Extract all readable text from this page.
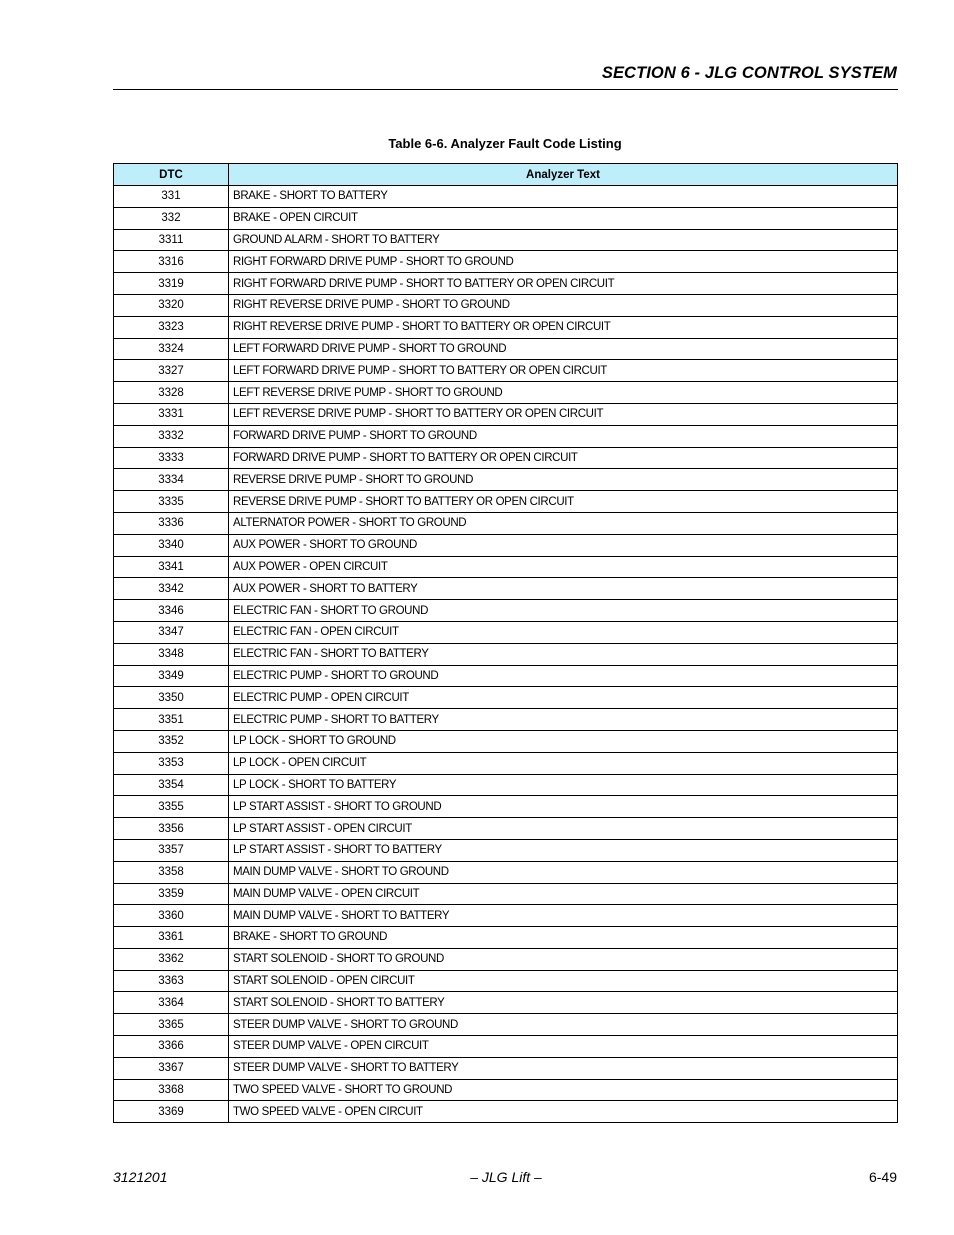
SECTION 6 - JLG CONTROL SYSTEM
Table 6-6. Analyzer Fault Code Listing
DTC	Analyzer Text
331	BRAKE - SHORT TO BATTERY
332	BRAKE - OPEN CIRCUIT
3311	GROUND ALARM - SHORT TO BATTERY
3316	RIGHT FORWARD DRIVE PUMP - SHORT TO GROUND
3319	RIGHT FORWARD DRIVE PUMP - SHORT TO BATTERY OR OPEN CIRCUIT
3320	RIGHT REVERSE DRIVE PUMP - SHORT TO GROUND
3323	RIGHT REVERSE DRIVE PUMP - SHORT TO BATTERY OR OPEN CIRCUIT
3324	LEFT FORWARD DRIVE PUMP - SHORT TO GROUND
3327	LEFT FORWARD DRIVE PUMP - SHORT TO BATTERY OR OPEN CIRCUIT
3328	LEFT REVERSE DRIVE PUMP - SHORT TO GROUND
3331	LEFT REVERSE DRIVE PUMP - SHORT TO BATTERY OR OPEN CIRCUIT
3332	FORWARD DRIVE PUMP - SHORT TO GROUND
3333	FORWARD DRIVE PUMP - SHORT TO BATTERY OR OPEN CIRCUIT
3334	REVERSE DRIVE PUMP - SHORT TO GROUND
3335	REVERSE DRIVE PUMP - SHORT TO BATTERY OR OPEN CIRCUIT
3336	ALTERNATOR POWER - SHORT TO GROUND
3340	AUX POWER - SHORT TO GROUND
3341	AUX POWER - OPEN CIRCUIT
3342	AUX POWER - SHORT TO BATTERY
3346	ELECTRIC FAN - SHORT TO GROUND
3347	ELECTRIC FAN - OPEN CIRCUIT
3348	ELECTRIC FAN - SHORT TO BATTERY
3349	ELECTRIC PUMP - SHORT TO GROUND
3350	ELECTRIC PUMP - OPEN CIRCUIT
3351	ELECTRIC PUMP - SHORT TO BATTERY
3352	LP LOCK - SHORT TO GROUND
3353	LP LOCK - OPEN CIRCUIT
3354	LP LOCK - SHORT TO BATTERY
3355	LP START ASSIST - SHORT TO GROUND
3356	LP START ASSIST - OPEN CIRCUIT
3357	LP START ASSIST - SHORT TO BATTERY
3358	MAIN DUMP VALVE - SHORT TO GROUND
3359	MAIN DUMP VALVE - OPEN CIRCUIT
3360	MAIN DUMP VALVE - SHORT TO BATTERY
3361	BRAKE - SHORT TO GROUND
3362	START SOLENOID - SHORT TO GROUND
3363	START SOLENOID - OPEN CIRCUIT
3364	START SOLENOID - SHORT TO BATTERY
3365	STEER DUMP VALVE - SHORT TO GROUND
3366	STEER DUMP VALVE - OPEN CIRCUIT
3367	STEER DUMP VALVE - SHORT TO BATTERY
3368	TWO SPEED VALVE - SHORT TO GROUND
3369	TWO SPEED VALVE - OPEN CIRCUIT
3121201	– JLG Lift –	6-49
